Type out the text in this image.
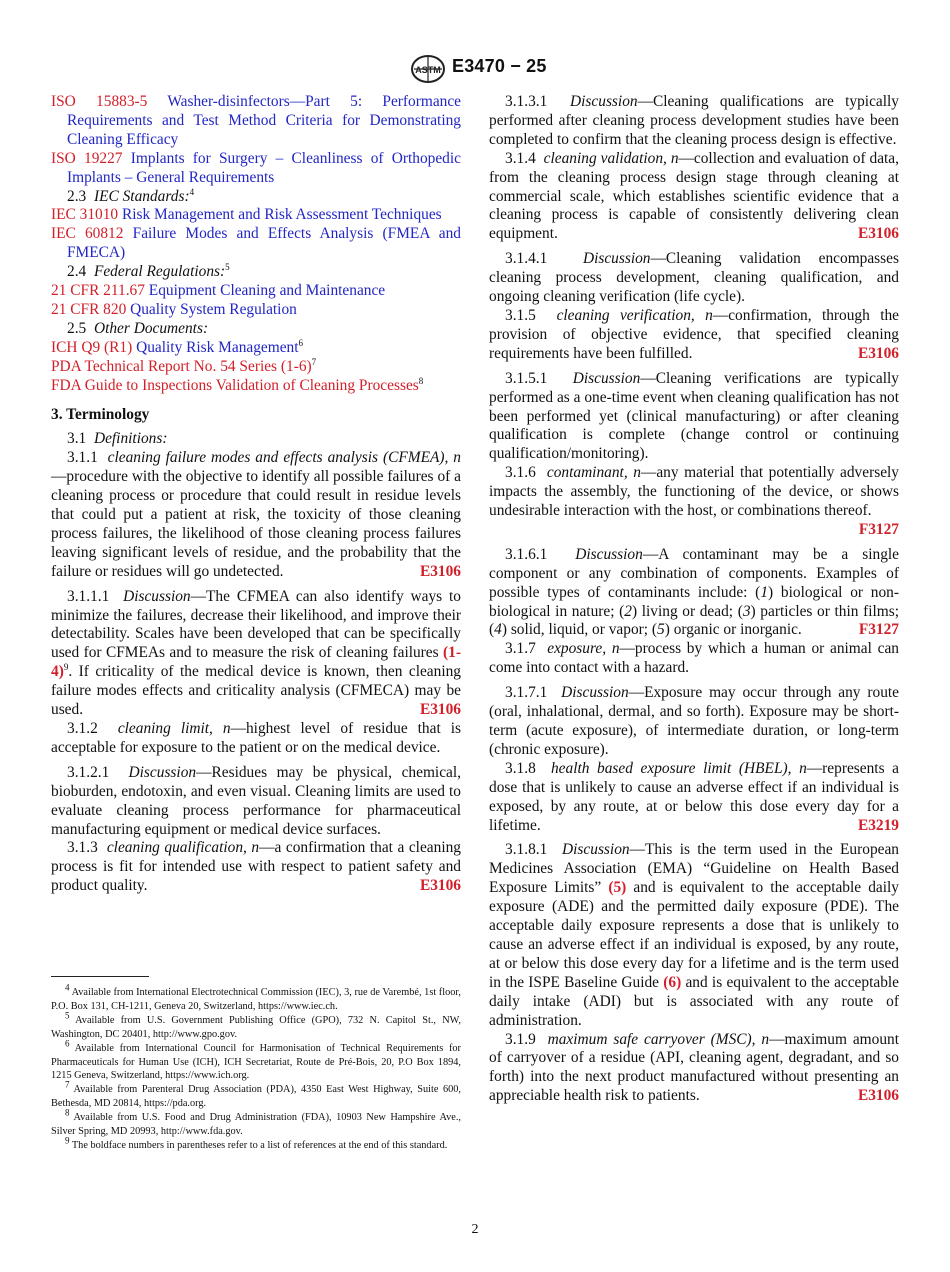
ASTM E3470 − 25

ISO 15883-5 Washer-disinfectors—Part 5: Performance Requirements and Test Method Criteria for Demonstrating Cleaning Efficacy

ISO 19227 Implants for Surgery – Cleanliness of Orthopedic Implants – General Requirements

2.3 IEC Standards:$^4$

IEC 31010 Risk Management and Risk Assessment Techniques

IEC 60812 Failure Modes and Effects Analysis (FMEA and FMECA)

2.4 Federal Regulations:$^5$

21 CFR 211.67 Equipment Cleaning and Maintenance

21 CFR 820 Quality System Regulation

2.5 Other Documents:

ICH Q9 (R1) Quality Risk Management$^6$

PDA Technical Report No. 54 Series $(1-6)^7$

FDA Guide to Inspections Validation of Cleaning Processes$^8$

3. Terminology

3.1 Definitions:

3.1.1 cleaning failure modes and effects analysis (CFMEA), n—procedure with the objective to identify all possible failures of a cleaning process or procedure that could result in residue levels that could put a patient at risk, the toxicity of those cleaning process failures, the likelihood of those cleaning process failures leaving significant levels of residue, and the probability that the failure or residues will go undetected.	E3106

3.1.1.1 Discussion—The CFMEA can also identify ways to minimize the failures, decrease their likelihood, and improve their detectability. Scales have been developed that can be specifically used for CFMEAs and to measure the risk of cleaning failures $(1-4)^9$. If criticality of the medical device is known, then cleaning failure modes effects and criticality analysis (CFMECA) may be used.	E3106

3.1.2 cleaning limit, n—highest level of residue that is acceptable for exposure to the patient or on the medical device.

3.1.2.1 Discussion—Residues may be physical, chemical, bioburden, endotoxin, and even visual. Cleaning limits are used to evaluate cleaning process performance for pharmaceutical manufacturing equipment or medical device surfaces.

3.1.3 cleaning qualification, n—a confirmation that a cleaning process is fit for intended use with respect to patient safety and product quality.	E3106

$^4$ Available from International Electrotechnical Commission (IEC), 3, rue de Varembé, 1st floor, P.O. Box 131, CH-1211, Geneva 20, Switzerland, https://www.iec.ch.

$^5$ Available from U.S. Government Publishing Office (GPO), 732 N. Capitol St., NW, Washington, DC 20401, http://www.gpo.gov.

$^6$ Available from International Council for Harmonisation of Technical Requirements for Pharmaceuticals for Human Use (ICH), ICH Secretariat, Route de Pré-Bois, 20, P.O Box 1894, 1215 Geneva, Switzerland, https://www.ich.org.

$^7$ Available from Parenteral Drug Association (PDA), 4350 East West Highway, Suite 600, Bethesda, MD 20814, https://pda.org.

$^8$ Available from U.S. Food and Drug Administration (FDA), 10903 New Hampshire Ave., Silver Spring, MD 20993, http://www.fda.gov.

$^9$ The boldface numbers in parentheses refer to a list of references at the end of this standard.

3.1.3.1 Discussion—Cleaning qualifications are typically performed after cleaning process development studies have been completed to confirm that the cleaning process design is effective.

3.1.4 cleaning validation, n—collection and evaluation of data, from the cleaning process design stage through cleaning at commercial scale, which establishes scientific evidence that a cleaning process is capable of consistently delivering clean equipment.	E3106

3.1.4.1 Discussion—Cleaning validation encompasses cleaning process development, cleaning qualification, and ongoing cleaning verification (life cycle).

3.1.5 cleaning verification, n—confirmation, through the provision of objective evidence, that specified cleaning requirements have been fulfilled.	E3106

3.1.5.1 Discussion—Cleaning verifications are typically performed as a one-time event when cleaning qualification has not been performed yet (clinical manufacturing) or after cleaning qualification is complete (change control or continuing qualification/monitoring).

3.1.6 contaminant, n—any material that potentially adversely impacts the assembly, the functioning of the device, or shows undesirable interaction with the host, or combinations thereof.
F3127

3.1.6.1 Discussion—A contaminant may be a single component or any combination of components. Examples of possible types of contaminants include: (1) biological or non-biological in nature; (2) living or dead; (3) particles or thin films; (4) solid, liquid, or vapor; (5) organic or inorganic.	F3127

3.1.7 exposure, n—process by which a human or animal can come into contact with a hazard.

3.1.7.1 Discussion—Exposure may occur through any route (oral, inhalational, dermal, and so forth). Exposure may be short-term (acute exposure), of intermediate duration, or long-term (chronic exposure).

3.1.8 health based exposure limit (HBEL), n—represents a dose that is unlikely to cause an adverse effect if an individual is exposed, by any route, at or below this dose every day for a lifetime.	E3219

3.1.8.1 Discussion—This is the term used in the European Medicines Association (EMA) “Guideline on Health Based Exposure Limits” (5) and is equivalent to the acceptable daily exposure (ADE) and the permitted daily exposure (PDE). The acceptable daily exposure represents a dose that is unlikely to cause an adverse effect if an individual is exposed, by any route, at or below this dose every day for a lifetime and is the term used in the ISPE Baseline Guide (6) and is equivalent to the acceptable daily intake (ADI) but is associated with any route of administration.

3.1.9 maximum safe carryover (MSC), n—maximum amount of carryover of a residue (API, cleaning agent, degradant, and so forth) into the next product manufactured without presenting an appreciable health risk to patients.	E3106

2
